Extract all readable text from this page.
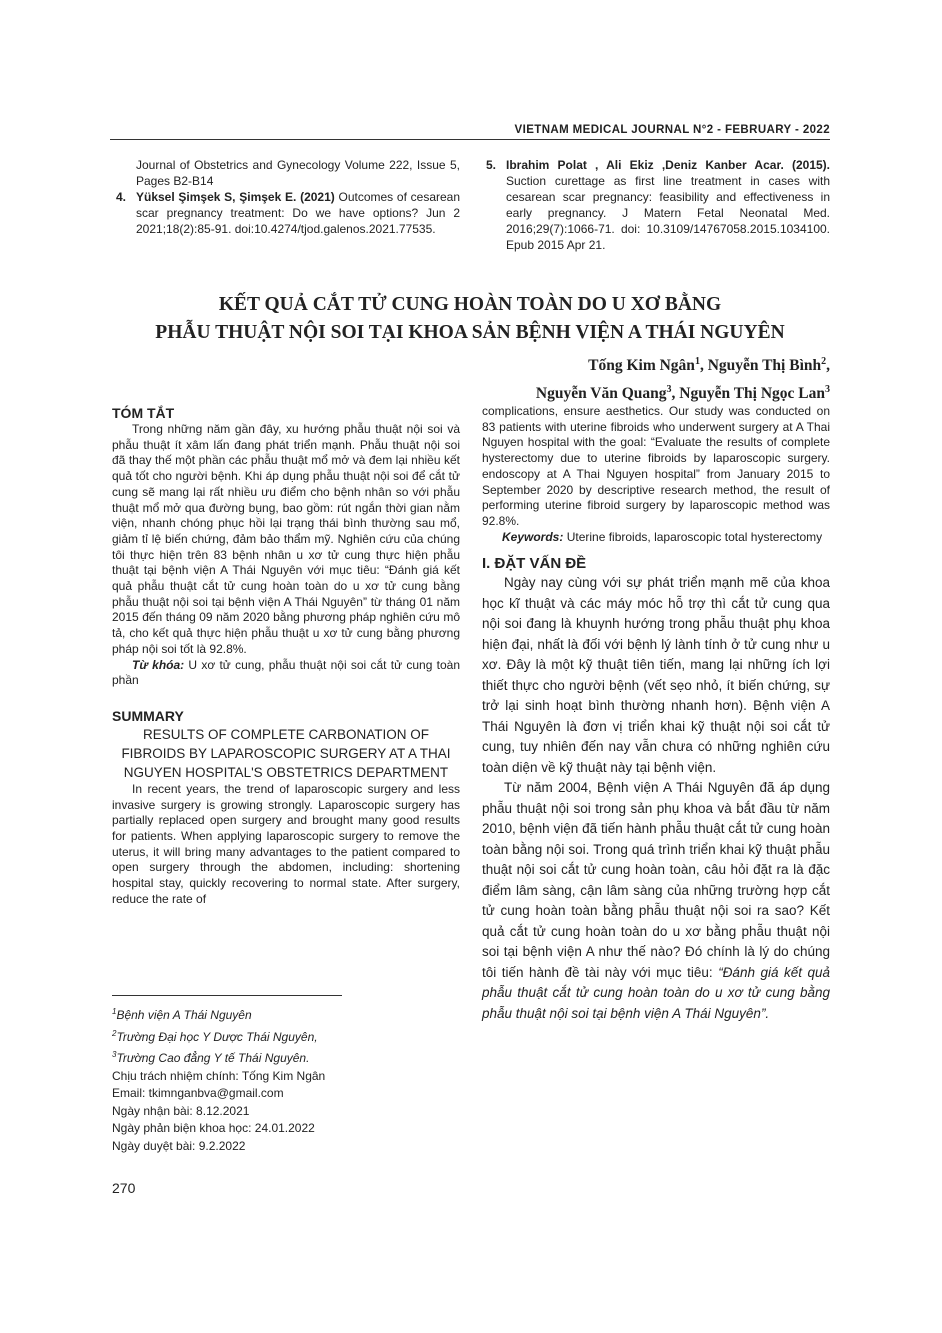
VIETNAM MEDICAL JOURNAL N°2 - FEBRUARY - 2022

Journal of Obstetrics and Gynecology Volume 222, Issue 5, Pages B2-B14

4. Yüksel Şimşek S, Şimşek E. (2021) Outcomes of cesarean scar pregnancy treatment: Do we have options? Jun 2 2021;18(2):85-91. doi:10.4274/tjod.galenos.2021.77535.

5. Ibrahim Polat , Ali Ekiz ,Deniz Kanber Acar. (2015). Suction curettage as first line treatment in cases with cesarean scar pregnancy: feasibility and effectiveness in early pregnancy. J Matern Fetal Neonatal Med. 2016;29(7):1066-71. doi: 10.3109/14767058.2015.1034100. Epub 2015 Apr 21.

KẾT QUẢ CẮT TỬ CUNG HOÀN TOÀN DO U XƠ BẰNG
PHẪU THUẬT NỘI SOI TẠI KHOA SẢN BỆNH VIỆN A THÁI NGUYÊN
Tống Kim Ngân$^1$, Nguyễn Thị Bình$^2$,
Nguyễn Văn Quang$^3$, Nguyễn Thị Ngọc Lan$^3$
TÓM TẮT

Trong những năm gần đây, xu hướng phẫu thuật nội soi và phẫu thuật ít xâm lấn đang phát triển mạnh. Phẫu thuật nội soi đã thay thế một phần các phẫu thuật mổ mở và đem lại nhiều kết quả tốt cho người bệnh. Khi áp dụng phẫu thuật nội soi để cắt tử cung sẽ mang lại rất nhiều ưu điểm cho bệnh nhân so với phẫu thuật mổ mở qua đường bụng, bao gồm: rút ngắn thời gian nằm viện, nhanh chóng phục hồi lại trạng thái bình thường sau mổ, giảm tỉ lệ biến chứng, đảm bảo thẩm mỹ. Nghiên cứu của chúng tôi thực hiện trên 83 bệnh nhân u xơ tử cung thực hiện phẫu thuật tại bệnh viện A Thái Nguyên với mục tiêu: “Đánh giá kết quả phẫu thuật cắt tử cung hoàn toàn do u xơ tử cung bằng phẫu thuật nội soi tại bệnh viện A Thái Nguyên” từ tháng 01 năm 2015 đến tháng 09 năm 2020 bằng phương pháp nghiên cứu mô tả, cho kết quả thực hiện phẫu thuật u xơ tử cung bằng phương pháp nội soi tốt là 92.8%.

Từ khóa: U xơ tử cung, phẫu thuật nội soi cắt tử cung toàn phần

SUMMARY

RESULTS OF COMPLETE CARBONATION OF FIBROIDS BY LAPAROSCOPIC SURGERY AT A THAI NGUYEN HOSPITAL'S OBSTETRICS DEPARTMENT

In recent years, the trend of laparoscopic surgery and less invasive surgery is growing strongly. Laparoscopic surgery has partially replaced open surgery and brought many good results for patients. When applying laparoscopic surgery to remove the uterus, it will bring many advantages to the patient compared to open surgery through the abdomen, including: shortening hospital stay, quickly recovering to normal state. After surgery, reduce the rate of

complications, ensure aesthetics. Our study was conducted on 83 patients with uterine fibroids who underwent surgery at A Thai Nguyen hospital with the goal: “Evaluate the results of complete hysterectomy due to uterine fibroids by laparoscopic surgery. endoscopy at A Thai Nguyen hospital” from January 2015 to September 2020 by descriptive research method, the result of performing uterine fibroid surgery by laparoscopic method was 92.8%.

Keywords: Uterine fibroids, laparoscopic total hysterectomy

I. ĐẶT VẤN ĐỀ

Ngày nay cùng với sự phát triển mạnh mẽ của khoa học kĩ thuật và các máy móc hỗ trợ thì cắt tử cung qua nội soi đang là khuynh hướng trong phẫu thuật phụ khoa hiện đại, nhất là đối với bệnh lý lành tính ở tử cung như u xơ. Đây là một kỹ thuật tiên tiến, mang lại những ích lợi thiết thực cho người bệnh (vết sẹo nhỏ, ít biến chứng, sự trở lại sinh hoạt bình thường nhanh hơn). Bệnh viện A Thái Nguyên là đơn vị triển khai kỹ thuật nội soi cắt tử cung, tuy nhiên đến nay vẫn chưa có những nghiên cứu toàn diện về kỹ thuật này tại bệnh viện.

Từ năm 2004, Bệnh viện A Thái Nguyên đã áp dụng phẫu thuật nội soi trong sản phụ khoa và bắt đầu từ năm 2010, bệnh viện đã tiến hành phẫu thuật cắt tử cung hoàn toàn bằng nội soi. Trong quá trình triển khai kỹ thuật phẫu thuật nội soi cắt tử cung hoàn toàn, câu hỏi đặt ra là đặc điểm lâm sàng, cận lâm sàng của những trường hợp cắt tử cung hoàn toàn bằng phẫu thuật nội soi ra sao? Kết quả cắt tử cung hoàn toàn do u xơ bằng phẫu thuật nội soi tại bệnh viện A như thế nào? Đó chính là lý do chúng tôi tiến hành đề tài này với mục tiêu: “Đánh giá kết quả phẫu thuật cắt tử cung hoàn toàn do u xơ tử cung bằng phẫu thuật nội soi tại bệnh viện A Thái Nguyên”.

$^1$Bệnh viện A Thái Nguyên
$^2$Trường Đại học Y Dược Thái Nguyên,
$^3$Trường Cao đẳng Y tế Thái Nguyên.
Chịu trách nhiệm chính: Tống Kim Ngân
Email: tkimnganbva@gmail.com
Ngày nhận bài: 8.12.2021
Ngày phản biện khoa học: 24.01.2022
Ngày duyệt bài: 9.2.2022
270
